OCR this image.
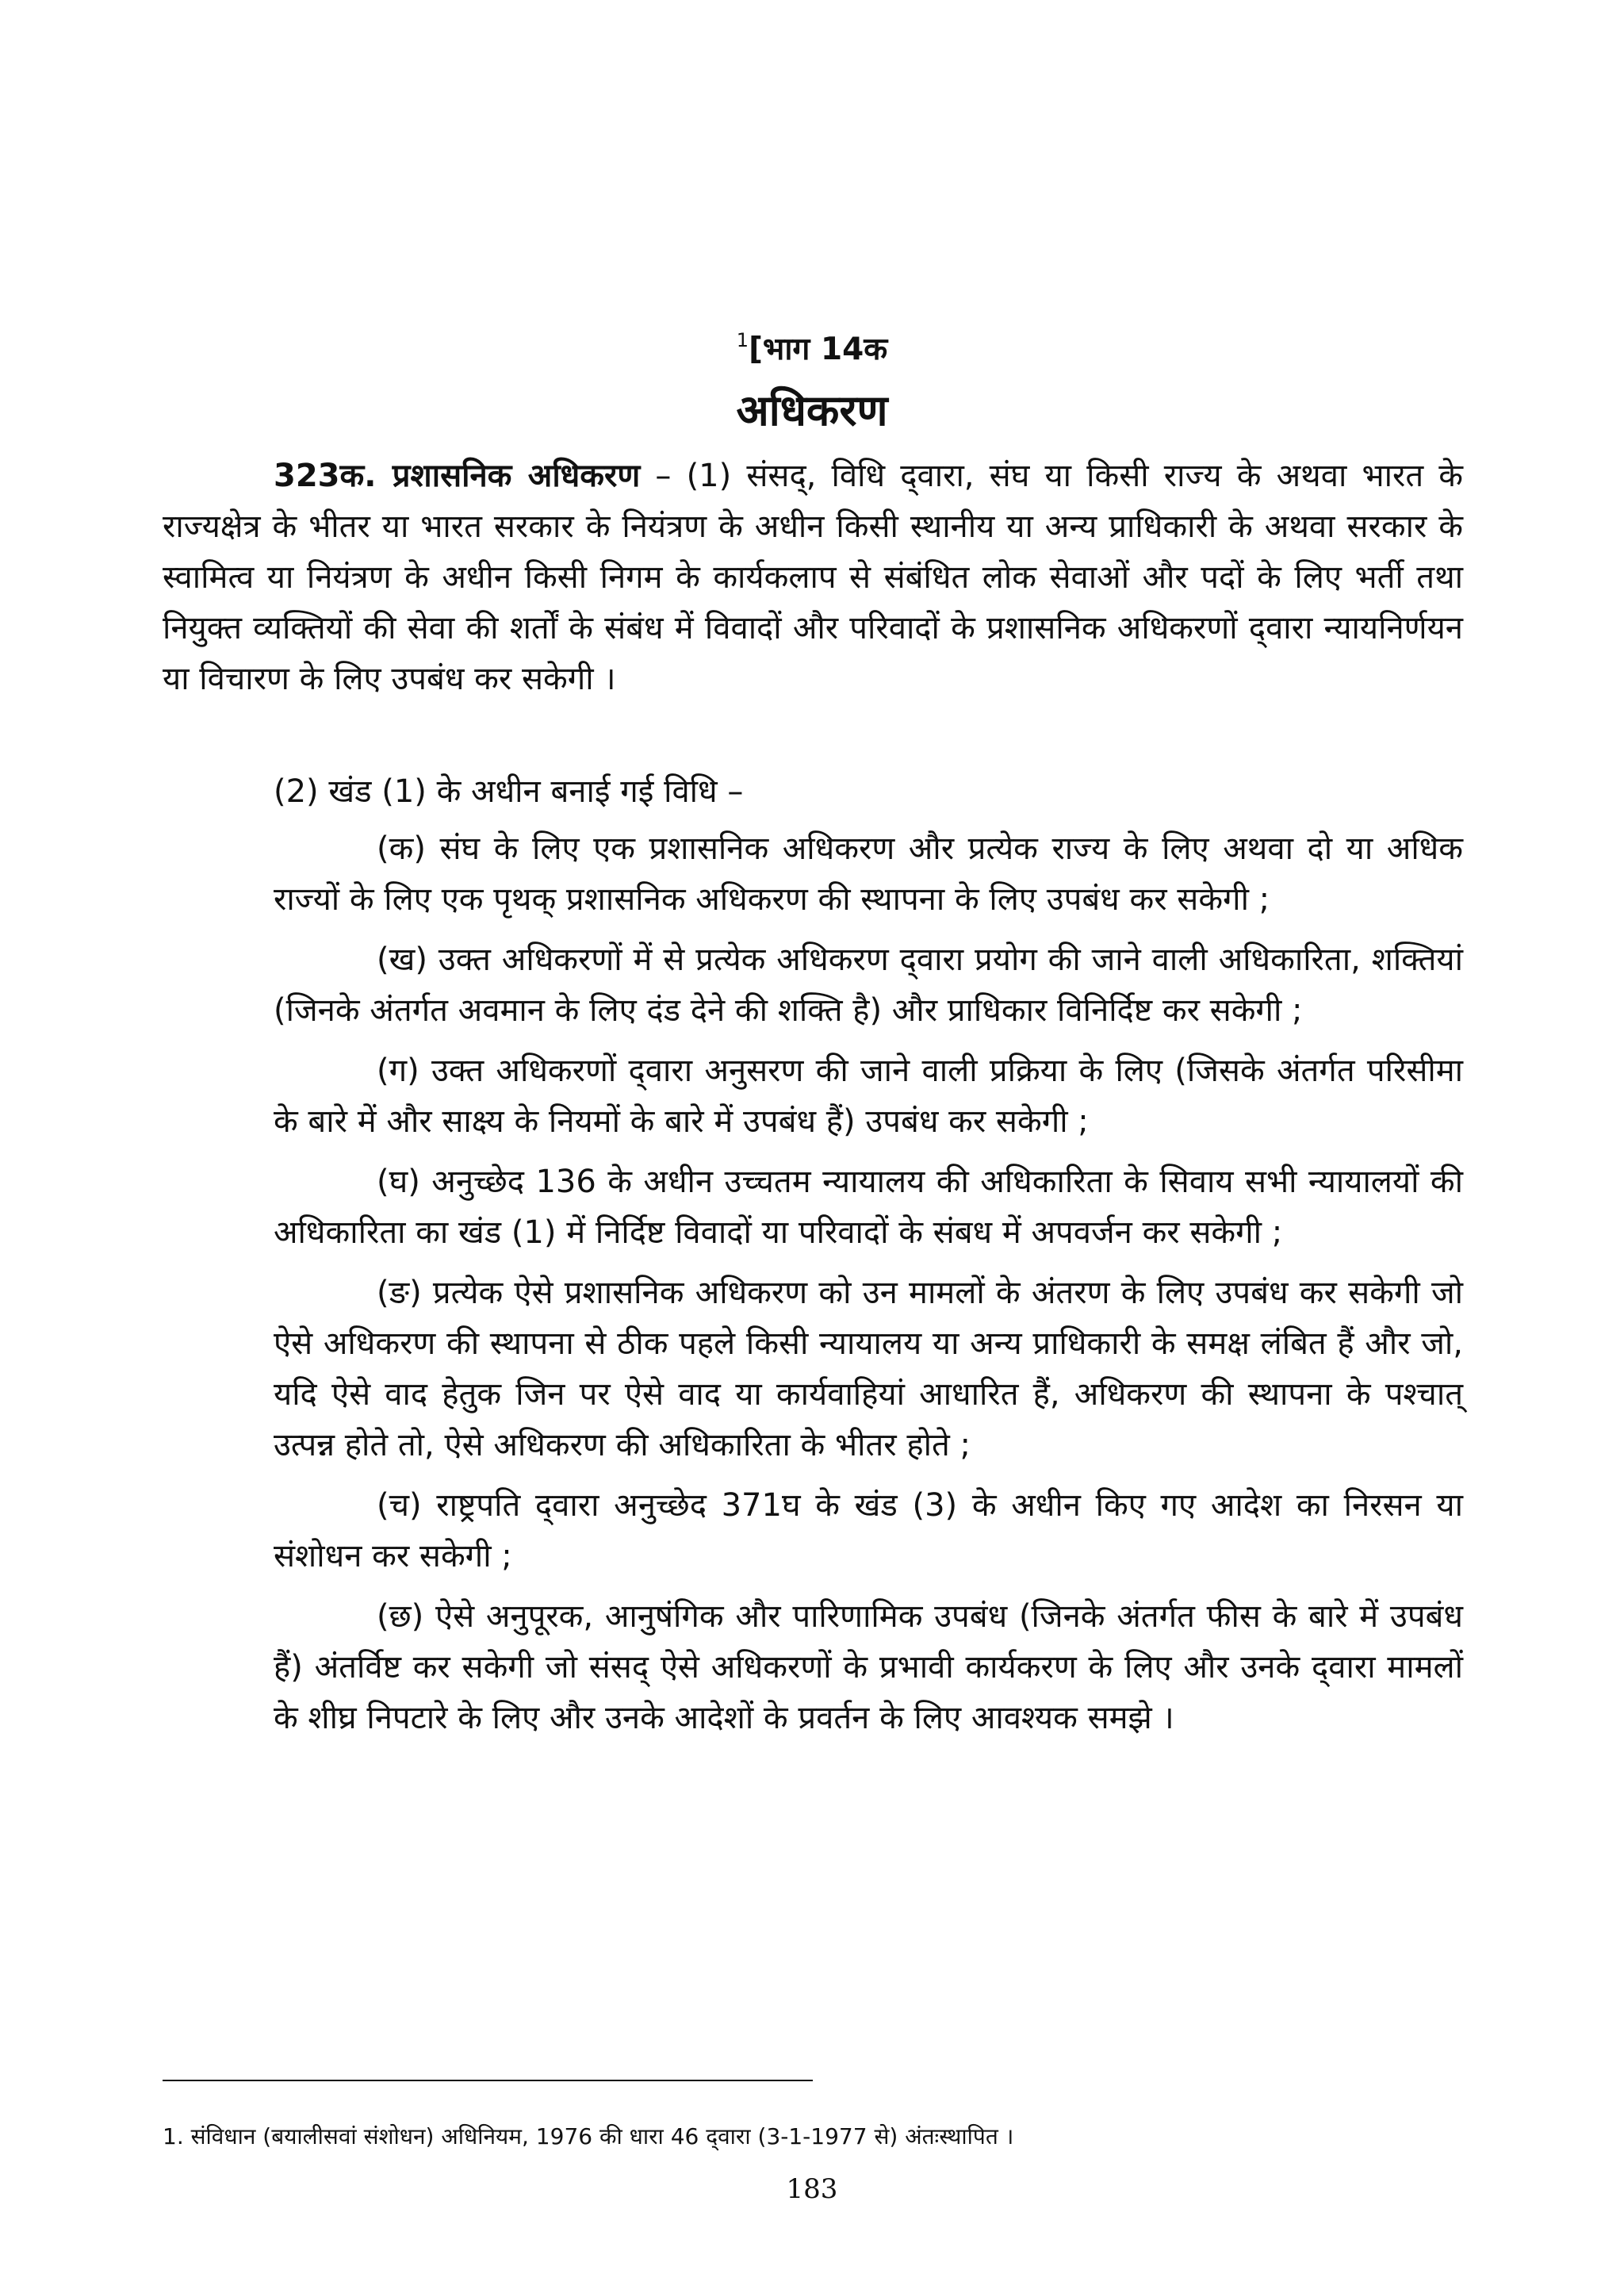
$^1$[भाग 14क
अधिकरण

323क. प्रशासनिक अधिकरण – (1) संसद्, विधि द्‍वारा, संघ या किसी राज्य के अथवा भारत के राज्यक्षेत्र के भीतर या भारत सरकार के नियंत्रण के अधीन किसी स्थानीय या अन्य प्राधिकारी के अथवा सरकार के स्वामित्व या नियंत्रण के अधीन किसी निगम के कार्यकलाप से संबंधित लोक सेवाओं और पदों के लिए भर्ती तथा नियुक्त व्यक्तियों की सेवा की शर्तों के संबंध में विवादों और परिवादों के प्रशासनिक अधिकरणों द्‍वारा न्यायनिर्णयन या विचारण के लिए उपबंध कर सकेगी ।

(2) खंड (1) के अधीन बनाई गई विधि –

(क) संघ के लिए एक प्रशासनिक अधिकरण और प्रत्येक राज्य के लिए अथवा दो या अधिक राज्यों के लिए एक पृथक् प्रशासनिक अधिकरण की स्थापना के लिए उपबंध कर सकेगी ;

(ख) उक्त अधिकरणों में से प्रत्येक अधिकरण द्‍वारा प्रयोग की जाने वाली अधिकारिता, शक्तियां (जिनके अंतर्गत अवमान के लिए दंड देने की शक्ति है) और प्राधिकार विनिर्दिष्ट कर सकेगी ;

(ग) उक्त अधिकरणों द्‍वारा अनुसरण की जाने वाली प्रक्रिया के लिए (जिसके अंतर्गत परिसीमा के बारे में और साक्ष्य के नियमों के बारे में उपबंध हैं) उपबंध कर सकेगी ;

(घ) अनुच्छेद 136 के अधीन उच्चतम न्यायालय की अधिकारिता के सिवाय सभी न्यायालयों की अधिकारिता का खंड (1) में निर्दिष्ट विवादों या परिवादों के संबध में अपवर्जन कर सकेगी ;

(ङ) प्रत्येक ऐसे प्रशासनिक अधिकरण को उन मामलों के अंतरण के लिए उपबंध कर सकेगी जो ऐसे अधिकरण की स्थापना से ठीक पहले किसी न्यायालय या अन्य प्राधिकारी के समक्ष लंबित हैं और जो, यदि ऐसे वाद हेतुक जिन पर ऐसे वाद या कार्यवाहियां आधारित हैं, अधिकरण की स्थापना के पश्चात् उत्पन्न होते तो, ऐसे अधिकरण की अधिकारिता के भीतर होते ;

(च) राष्ट्रपति द्‍वारा अनुच्छेद 371घ के खंड (3) के अधीन किए गए आदेश का निरसन या संशोधन कर सकेगी ;

(छ) ऐसे अनुपूरक, आनुषंगिक और पारिणामिक उपबंध (जिनके अंतर्गत फीस के बारे में उपबंध हैं) अंतर्विष्ट कर सकेगी जो संसद् ऐसे अधिकरणों के प्रभावी कार्यकरण के लिए और उनके द्‍वारा मामलों के शीघ्र निपटारे के लिए और उनके आदेशों के प्रवर्तन के लिए आवश्यक समझे ।

1. संविधान (बयालीसवां संशोधन) अधिनियम, 1976 की धारा 46 द्‍वारा (3-1-1977 से) अंतःस्थापित ।
183
